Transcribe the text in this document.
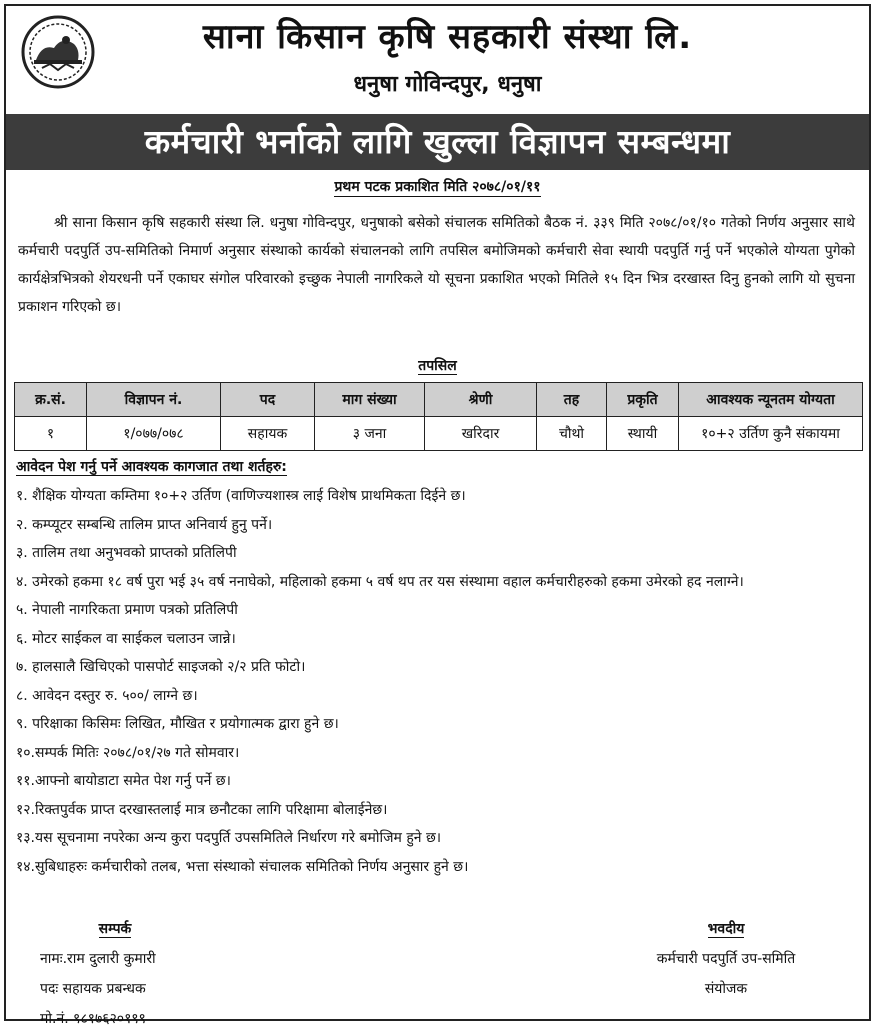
साना किसान कृषि सहकारी संस्था लि.
धनुषा गोविन्दपुर, धनुषा
कर्मचारी भर्नाको लागि खुल्ला विज्ञापन सम्बन्धमा
प्रथम पटक प्रकाशित मिति २०७८/०१/११

श्री साना किसान कृषि सहकारी संस्था लि. धनुषा गोविन्दपुर, धनुषाको बसेको संचालक समितिको बैठक नं. ३३९ मिति २०७८/०१/१० गतेको निर्णय अनुसार साथे कर्मचारी पदपुर्ति उप-समितिको निमार्ण अनुसार संस्थाको कार्यको संचालनको लागि तपसिल बमोजिमको कर्मचारी सेवा स्थायी पदपुर्ति गर्नु पर्ने भएकोले योग्यता पुगेको कार्यक्षेत्रभित्रको शेयरधनी पर्ने एकाघर संगोल परिवारको इच्छुक नेपाली नागरिकले यो सूचना प्रकाशित भएको मितिले १५ दिन भित्र दरखास्त दिनु हुनको लागि यो सुचना प्रकाशन गरिएको छ।

तपसिल
क्र.सं.	विज्ञापन नं.	पद	माग संख्या	श्रेणी	तह	प्रकृति	आवश्यक न्यूनतम योग्यता
१	१/०७७/०७८	सहायक	३ जना	खरिदार	चौथो	स्थायी	१०+२ उर्तिण कुनै संकायमा
आवेदन पेश गर्नु पर्ने आवश्यक कागजात तथा शर्तहरु:
१. शैक्षिक योग्यता कम्तिमा १०+२ उर्तिण (वाणिज्यशास्त्र लाई विशेष प्राथमिकता दिईने छ।
२. कम्प्यूटर सम्बन्धि तालिम प्राप्त अनिवार्य हुनु पर्ने।
३. तालिम तथा अनुभवको प्राप्तको प्रतिलिपी
४. उमेरको हकमा १८ वर्ष पुरा भई ३५ वर्ष ननाघेको, महिलाको हकमा ५ वर्ष थप तर यस संस्थामा वहाल कर्मचारीहरुको हकमा उमेरको हद नलाग्ने।
५. नेपाली नागरिकता प्रमाण पत्रको प्रतिलिपी
६. मोटर साईकल वा साईकल चलाउन जान्ने।
७. हालसालै खिचिएको पासपोर्ट साइजको २/२ प्रति फोटो।
८. आवेदन दस्तुर रु. ५००/ लाग्ने छ।
९. परिक्षाका किसिमः लिखित, मौखित र प्रयोगात्मक द्वारा हुने छ।
१०.सम्पर्क मितिः २०७८/०१/२७ गते सोमवार।
११.आफ्नो बायोडाटा समेत पेश गर्नु पर्ने छ।
१२.रिक्तपुर्वक प्राप्त दरखास्तलाई मात्र छनौटका लागि परिक्षामा बोलाईनेछ।
१३.यस सूचनामा नपरेका अन्य कुरा पदपुर्ति उपसमितिले निर्धारण गरे बमोजिम हुने छ।
१४.सुबिधाहरुः कर्मचारीको तलब, भत्ता संस्थाको संचालक समितिको निर्णय अनुसार हुने छ।
सम्पर्क
नामः.राम दुलारी कुमारी
पदः सहायक प्रबन्धक
मो.नं. ९८१७६२०१९९
भवदीय
कर्मचारी पदपुर्ति उप-समिति
संयोजक
